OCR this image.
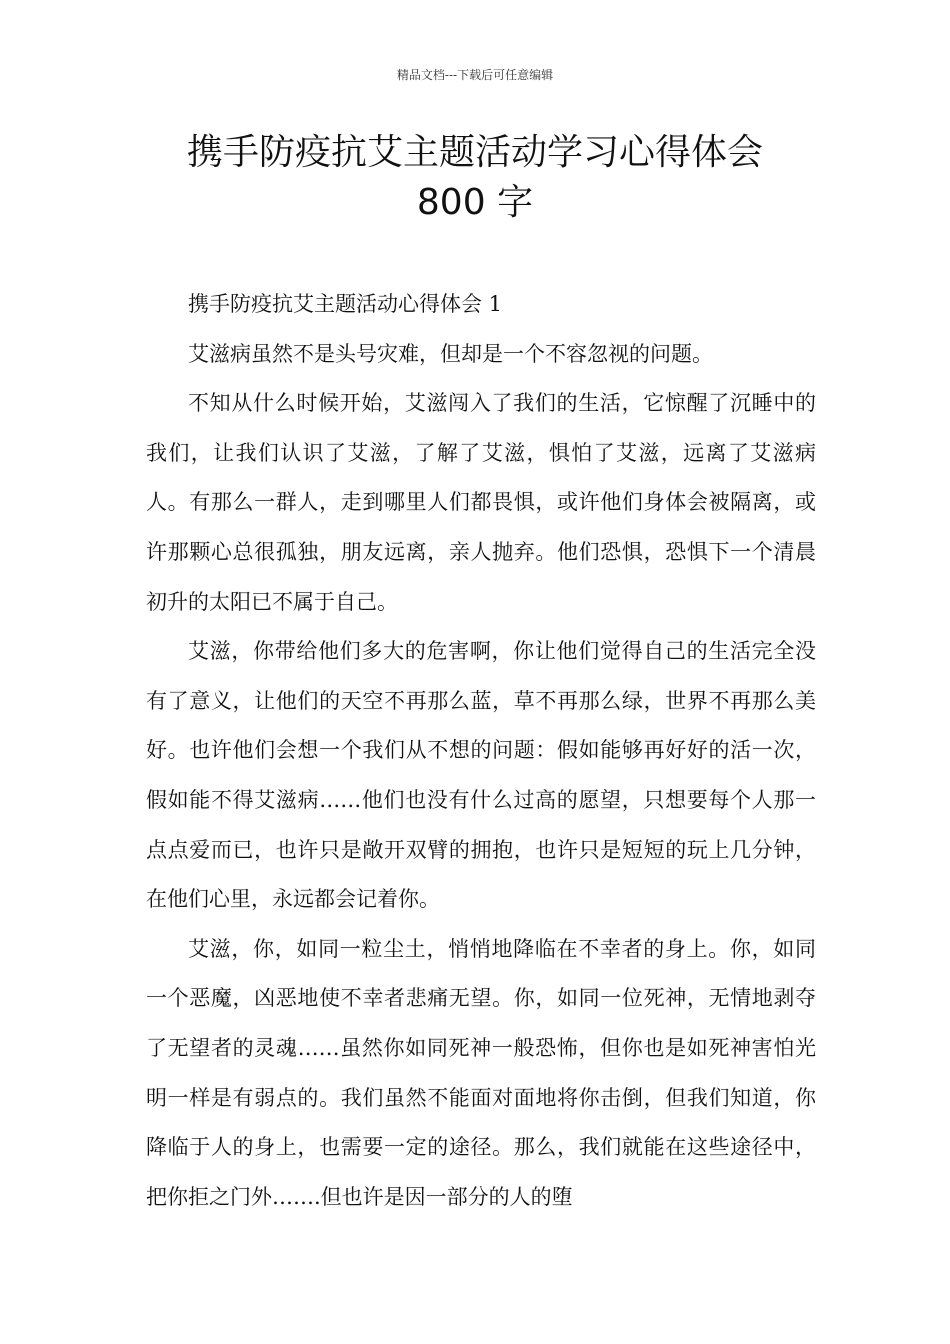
精品文档---下载后可任意编辑
携手防疫抗艾主题活动学习心得体会
800 字

携手防疫抗艾主题活动心得体会 1

艾滋病虽然不是头号灾难，但却是一个不容忽视的问题。

不知从什么时候开始，艾滋闯入了我们的生活，它惊醒了沉睡中的我们，让我们认识了艾滋，了解了艾滋，惧怕了艾滋，远离了艾滋病人。有那么一群人，走到哪里人们都畏惧，或许他们身体会被隔离，或许那颗心总很孤独，朋友远离，亲人抛弃。他们恐惧，恐惧下一个清晨初升的太阳已不属于自己。

艾滋，你带给他们多大的危害啊，你让他们觉得自己的生活完全没有了意义，让他们的天空不再那么蓝，草不再那么绿，世界不再那么美好。也许他们会想一个我们从不想的问题：假如能够再好好的活一次，假如能不得艾滋病……他们也没有什么过高的愿望，只想要每个人那一点点爱而已，也许只是敞开双臂的拥抱，也许只是短短的玩上几分钟，在他们心里，永远都会记着你。

艾滋，你，如同一粒尘土，悄悄地降临在不幸者的身上。你，如同一个恶魔，凶恶地使不幸者悲痛无望。你，如同一位死神，无情地剥夺了无望者的灵魂……虽然你如同死神一般恐怖，但你也是如死神害怕光明一样是有弱点的。我们虽然不能面对面地将你击倒，但我们知道，你降临于人的身上，也需要一定的途径。那么，我们就能在这些途径中，把你拒之门外…….但也许是因一部分的人的堕
